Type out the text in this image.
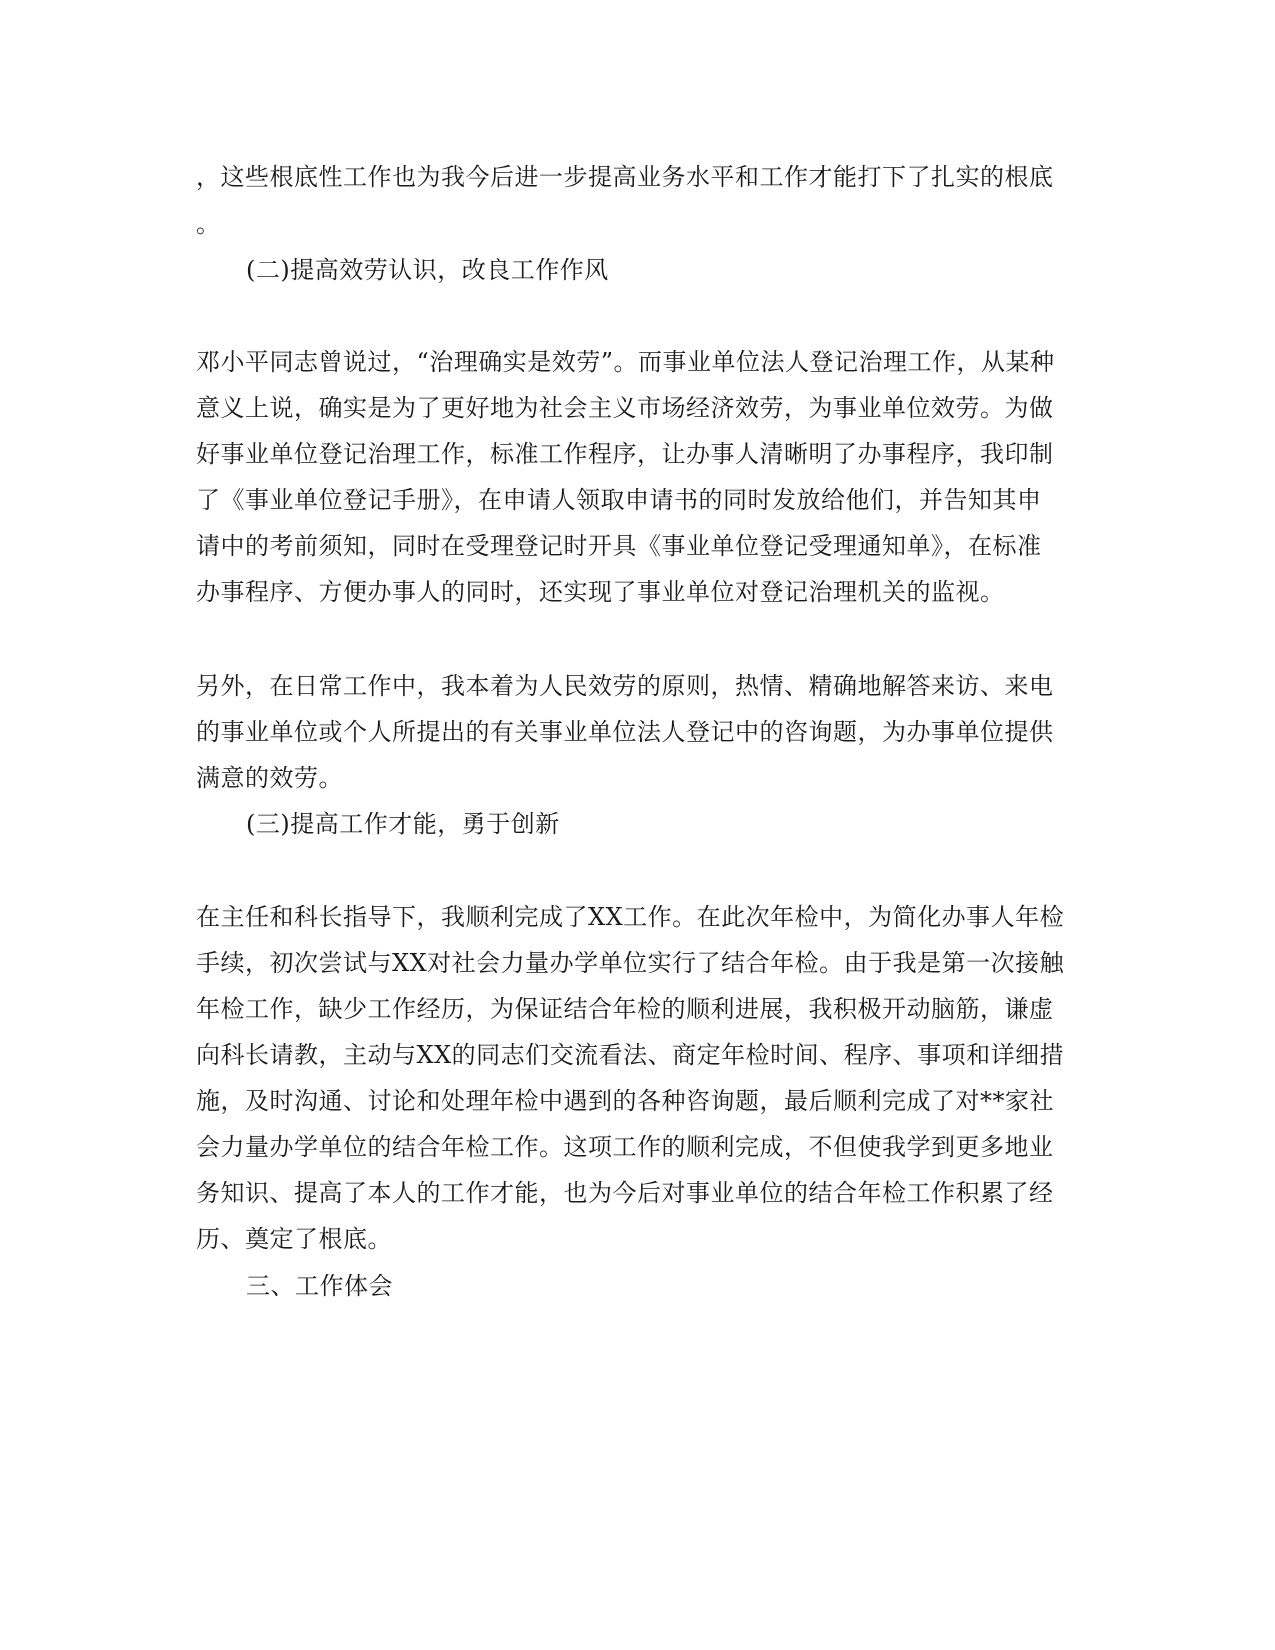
，这些根底性工作也为我今后进一步提高业务水平和工作才能打下了扎实的根底
。
(二)提高效劳认识，改良工作作风
邓小平同志曾说过，“治理确实是效劳”。而事业单位法人登记治理工作，从某种
意义上说，确实是为了更好地为社会主义市场经济效劳，为事业单位效劳。为做
好事业单位登记治理工作，标准工作程序，让办事人清晰明了办事程序，我印制
了《事业单位登记手册》，在申请人领取申请书的同时发放给他们，并告知其申
请中的考前须知，同时在受理登记时开具《事业单位登记受理通知单》，在标准
办事程序、方便办事人的同时，还实现了事业单位对登记治理机关的监视。
另外，在日常工作中，我本着为人民效劳的原则，热情、精确地解答来访、来电
的事业单位或个人所提出的有关事业单位法人登记中的咨询题，为办事单位提供
满意的效劳。
(三)提高工作才能，勇于创新
在主任和科长指导下，我顺利完成了XX工作。在此次年检中，为简化办事人年检
手续，初次尝试与XX对社会力量办学单位实行了结合年检。由于我是第一次接触
年检工作，缺少工作经历，为保证结合年检的顺利进展，我积极开动脑筋，谦虚
向科长请教，主动与XX的同志们交流看法、商定年检时间、程序、事项和详细措
施，及时沟通、讨论和处理年检中遇到的各种咨询题，最后顺利完成了对**家社
会力量办学单位的结合年检工作。这项工作的顺利完成，不但使我学到更多地业
务知识、提高了本人的工作才能，也为今后对事业单位的结合年检工作积累了经
历、奠定了根底。
三、工作体会
